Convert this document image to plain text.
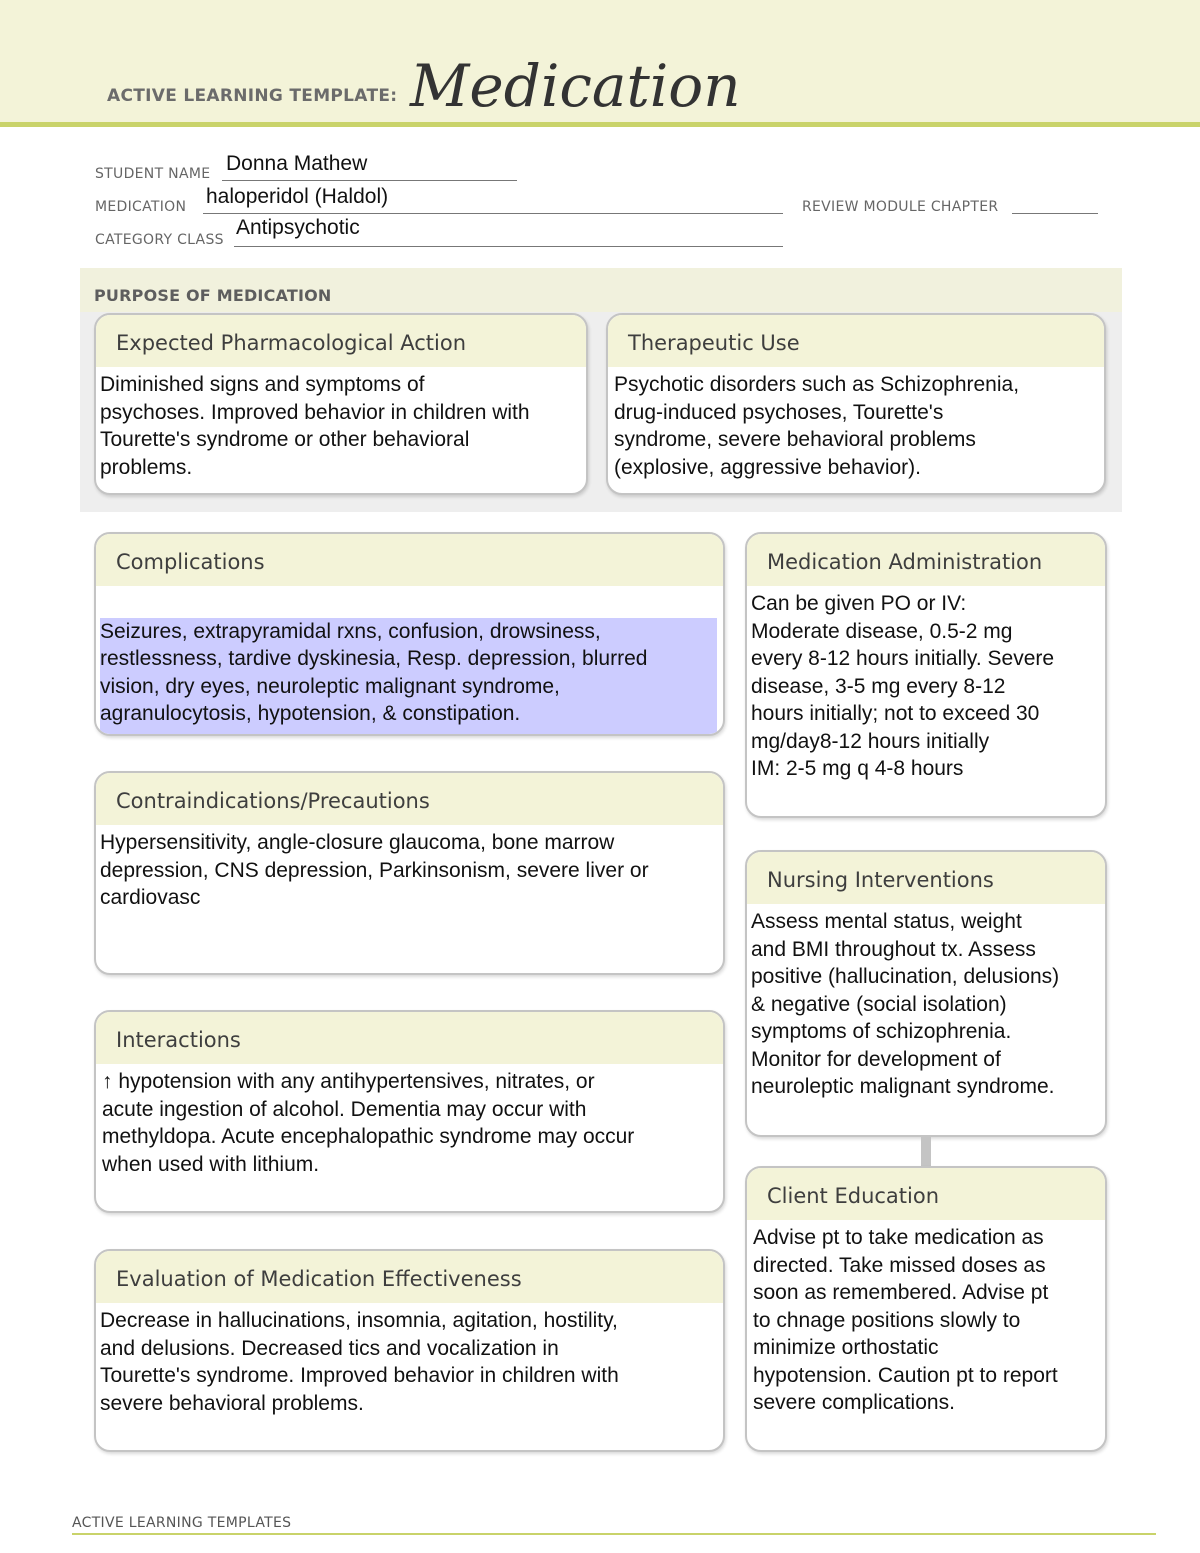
ACTIVE LEARNING TEMPLATE: Medication
STUDENT NAME Donna Mathew
MEDICATION haloperidol (Haldol)	REVIEW MODULE CHAPTER
CATEGORY CLASS
Antipsychotic
PURPOSE OF MEDICATION
Expected Pharmacological Action
Diminished signs and symptoms of
psychoses. Improved behavior in children with
Tourette's syndrome or other behavioral
problems.
Therapeutic Use
Psychotic disorders such as Schizophrenia,
drug-induced psychoses, Tourette's
syndrome, severe behavioral problems
(explosive, aggressive behavior).
Complications

Seizures, extrapyramidal rxns, confusion, drowsiness,
restlessness, tardive dyskinesia, Resp. depression, blurred
vision, dry eyes, neuroleptic malignant syndrome,
agranulocytosis, hypotension, & constipation.

Medication Administration
Can be given PO or IV:
Moderate disease, 0.5-2 mg
every 8-12 hours initially. Severe
disease, 3-5 mg every 8-12
hours initially; not to exceed 30
mg/day8-12 hours initially
IM: 2-5 mg q 4-8 hours
Contraindications/Precautions
Hypersensitivity, angle-closure glaucoma, bone marrow
depression, CNS depression, Parkinsonism, severe liver or
cardiovasc
Nursing Interventions
Assess mental status, weight
and BMI throughout tx. Assess
positive (hallucination, delusions)
& negative (social isolation)
symptoms of schizophrenia.
Monitor for development of
neuroleptic malignant syndrome.
Interactions
↑ hypotension with any antihypertensives, nitrates, or
acute ingestion of alcohol. Dementia may occur with
methyldopa. Acute encephalopathic syndrome may occur
when used with lithium.
Client Education
Advise pt to take medication as
directed. Take missed doses as
soon as remembered. Advise pt
to chnage positions slowly to
minimize orthostatic
hypotension. Caution pt to report
severe complications.
Evaluation of Medication Effectiveness
Decrease in hallucinations, insomnia, agitation, hostility,
and delusions. Decreased tics and vocalization in
Tourette's syndrome. Improved behavior in children with
severe behavioral problems.
ACTIVE LEARNING TEMPLATES
